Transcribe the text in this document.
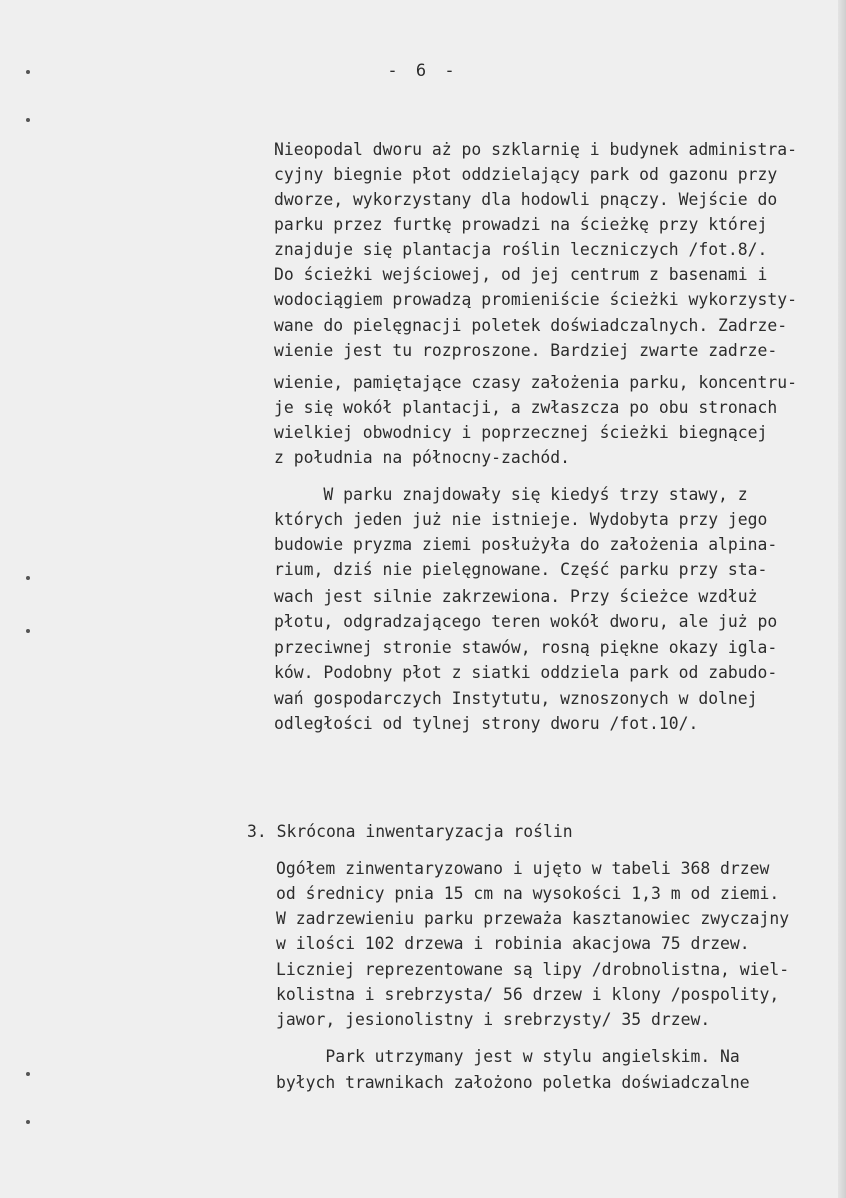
- 6 -
Nieopodal dworu aż po szklarnię i budynek administra-
cyjny biegnie płot oddzielający park od gazonu przy
dworze, wykorzystany dla hodowli pnączy. Wejście do
parku przez furtkę prowadzi na ścieżkę przy której
znajduje się plantacja roślin leczniczych /fot.8/.
Do ścieżki wejściowej, od jej centrum z basenami i
wodociągiem prowadzą promieniście ścieżki wykorzysty-
wane do pielęgnacji poletek doświadczalnych. Zadrze-
wienie jest tu rozproszone. Bardziej zwarte zadrze-
wienie, pamiętające czasy założenia parku, koncentru-
je się wokół plantacji, a zwłaszcza po obu stronach
wielkiej obwodnicy i poprzecznej ścieżki biegnącej
z południa na północny-zachód.
W parku znajdowały się kiedyś trzy stawy, z
których jeden już nie istnieje. Wydobyta przy jego
budowie pryzma ziemi posłużyła do założenia alpina-
rium, dziś nie pielęgnowane. Część parku przy sta-
wach jest silnie zakrzewiona. Przy ścieżce wzdłuż
płotu, odgradzającego teren wokół dworu, ale już po
przeciwnej stronie stawów, rosną piękne okazy igla-
ków. Podobny płot z siatki oddziela park od zabudo-
wań gospodarczych Instytutu, wznoszonych w dolnej
odległości od tylnej strony dworu /fot.10/.
3. Skrócona inwentaryzacja roślin
Ogółem zinwentaryzowano i ujęto w tabeli 368 drzew
od średnicy pnia 15 cm na wysokości 1,3 m od ziemi.
W zadrzewieniu parku przeważa kasztanowiec zwyczajny
w ilości 102 drzewa i robinia akacjowa 75 drzew.
Liczniej reprezentowane są lipy /drobnolistna, wiel-
kolistna i srebrzysta/ 56 drzew i klony /pospolity,
jawor, jesionolistny i srebrzysty/ 35 drzew.
Park utrzymany jest w stylu angielskim. Na
byłych trawnikach założono poletka doświadczalne
